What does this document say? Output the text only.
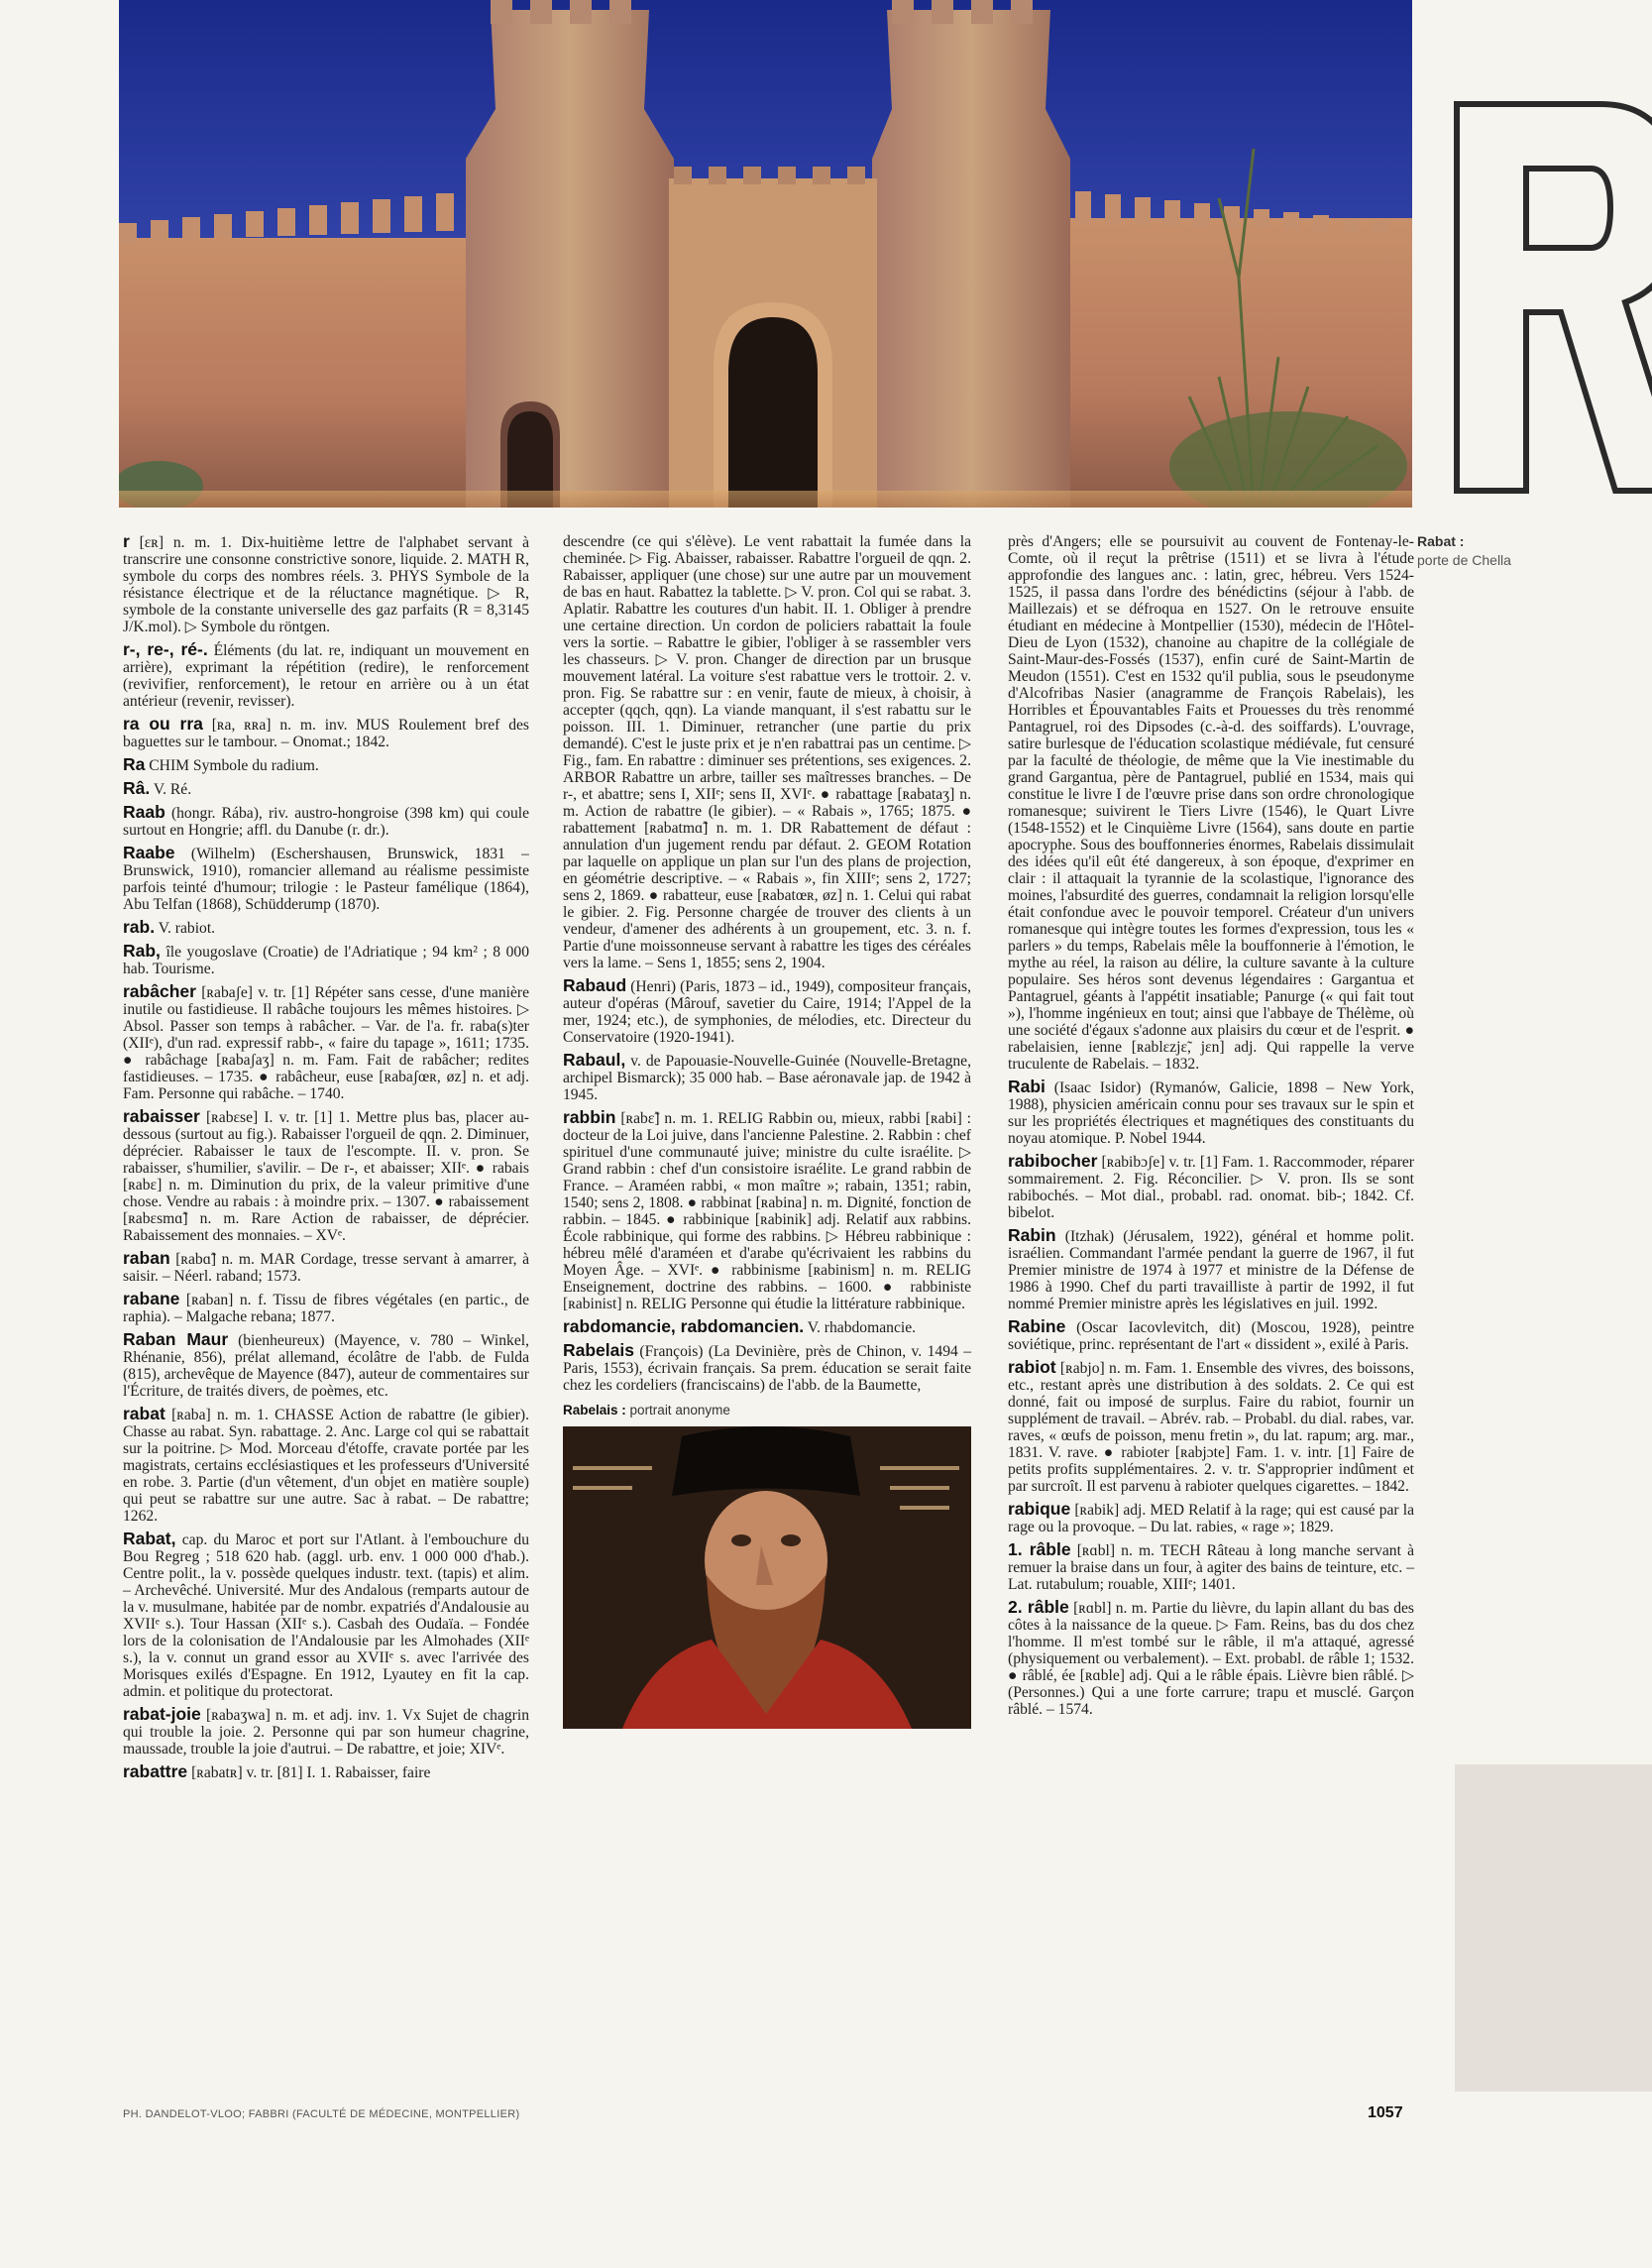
Rabat :
porte de Chella
r [ɛʀ] n. m. 1. Dix-huitième lettre de l'alphabet servant à transcrire une consonne constrictive sonore, liquide. 2. MATH R, symbole du corps des nombres réels. 3. PHYS Symbole de la résistance électrique et de la réluctance magnétique. ▷ R, symbole de la constante universelle des gaz parfaits (R = 8,3145 J/K.mol). ▷ Symbole du röntgen.
r-, re-, ré-. Éléments (du lat. re, indiquant un mouvement en arrière), exprimant la répétition (redire), le renforcement (revivifier, renforcement), le retour en arrière ou à un état antérieur (revenir, revisser).
ra ou rra [ʀa, ʀʀa] n. m. inv. MUS Roulement bref des baguettes sur le tambour. – Onomat.; 1842.
Ra CHIM Symbole du radium.
Râ. V. Ré.
Raab (hongr. Rába), riv. austro-hongroise (398 km) qui coule surtout en Hongrie; affl. du Danube (r. dr.).
Raabe (Wilhelm) (Eschershausen, Brunswick, 1831 – Brunswick, 1910), romancier allemand au réalisme pessimiste parfois teinté d'humour; trilogie : le Pasteur famélique (1864), Abu Telfan (1868), Schüdderump (1870).
rab. V. rabiot.
Rab, île yougoslave (Croatie) de l'Adriatique ; 94 km² ; 8 000 hab. Tourisme.
rabâcher [ʀabaʃe] v. tr. [1] Répéter sans cesse, d'une manière inutile ou fastidieuse. Il rabâche toujours les mêmes histoires. ▷ Absol. Passer son temps à rabâcher. – Var. de l'a. fr. raba(s)ter (XIIᵉ), d'un rad. expressif rabb-, « faire du tapage », 1611; 1735. ● rabâchage [ʀabaʃaʒ] n. m. Fam. Fait de rabâcher; redites fastidieuses. – 1735. ● rabâcheur, euse [ʀabaʃœʀ, øz] n. et adj. Fam. Personne qui rabâche. – 1740.
rabaisser [ʀabɛse] I. v. tr. [1] 1. Mettre plus bas, placer au-dessous (surtout au fig.). Rabaisser l'orgueil de qqn. 2. Diminuer, déprécier. Rabaisser le taux de l'escompte. II. v. pron. Se rabaisser, s'humilier, s'avilir. – De r-, et abaisser; XIIᵉ. ● rabais [ʀabɛ] n. m. Diminution du prix, de la valeur primitive d'une chose. Vendre au rabais : à moindre prix. – 1307. ● rabaissement [ʀabɛsmɑ̃] n. m. Rare Action de rabaisser, de déprécier. Rabaissement des monnaies. – XVᵉ.
raban [ʀabɑ̃] n. m. MAR Cordage, tresse servant à amarrer, à saisir. – Néerl. raband; 1573.
rabane [ʀaban] n. f. Tissu de fibres végétales (en partic., de raphia). – Malgache rebana; 1877.
Raban Maur (bienheureux) (Mayence, v. 780 – Winkel, Rhénanie, 856), prélat allemand, écolâtre de l'abb. de Fulda (815), archevêque de Mayence (847), auteur de commentaires sur l'Écriture, de traités divers, de poèmes, etc.
rabat [ʀaba] n. m. 1. CHASSE Action de rabattre (le gibier). Chasse au rabat. Syn. rabattage. 2. Anc. Large col qui se rabattait sur la poitrine. ▷ Mod. Morceau d'étoffe, cravate portée par les magistrats, certains ecclésiastiques et les professeurs d'Université en robe. 3. Partie (d'un vêtement, d'un objet en matière souple) qui peut se rabattre sur une autre. Sac à rabat. – De rabattre; 1262.
Rabat, cap. du Maroc et port sur l'Atlant. à l'embouchure du Bou Regreg ; 518 620 hab. (aggl. urb. env. 1 000 000 d'hab.). Centre polit., la v. possède quelques industr. text. (tapis) et alim. – Archevêché. Université. Mur des Andalous (remparts autour de la v. musulmane, habitée par de nombr. expatriés d'Andalousie au XVIIᵉ s.). Tour Hassan (XIIᵉ s.). Casbah des Oudaïa. – Fondée lors de la colonisation de l'Andalousie par les Almohades (XIIᵉ s.), la v. connut un grand essor au XVIIᵉ s. avec l'arrivée des Morisques exilés d'Espagne. En 1912, Lyautey en fit la cap. admin. et politique du protectorat.
rabat-joie [ʀabaʒwa] n. m. et adj. inv. 1. Vx Sujet de chagrin qui trouble la joie. 2. Personne qui par son humeur chagrine, maussade, trouble la joie d'autrui. – De rabattre, et joie; XIVᵉ.
rabattre [ʀabatʀ] v. tr. [81] I. 1. Rabaisser, faire
descendre (ce qui s'élève). Le vent rabattait la fumée dans la cheminée. ▷ Fig. Abaisser, rabaisser. Rabattre l'orgueil de qqn. 2. Rabaisser, appliquer (une chose) sur une autre par un mouvement de bas en haut. Rabattez la tablette. ▷ V. pron. Col qui se rabat. 3. Aplatir. Rabattre les coutures d'un habit. II. 1. Obliger à prendre une certaine direction. Un cordon de policiers rabattait la foule vers la sortie. – Rabattre le gibier, l'obliger à se rassembler vers les chasseurs. ▷ V. pron. Changer de direction par un brusque mouvement latéral. La voiture s'est rabattue vers le trottoir. 2. v. pron. Fig. Se rabattre sur : en venir, faute de mieux, à choisir, à accepter (qqch, qqn). La viande manquant, il s'est rabattu sur le poisson. III. 1. Diminuer, retrancher (une partie du prix demandé). C'est le juste prix et je n'en rabattrai pas un centime. ▷ Fig., fam. En rabattre : diminuer ses prétentions, ses exigences. 2. ARBOR Rabattre un arbre, tailler ses maîtresses branches. – De r-, et abattre; sens I, XIIᵉ; sens II, XVIᵉ. ● rabattage [ʀabataʒ] n. m. Action de rabattre (le gibier). – « Rabais », 1765; 1875. ● rabattement [ʀabatmɑ̃] n. m. 1. DR Rabattement de défaut : annulation d'un jugement rendu par défaut. 2. GEOM Rotation par laquelle on applique un plan sur l'un des plans de projection, en géométrie descriptive. – « Rabais », fin XIIIᵉ; sens 2, 1727; sens 2, 1869. ● rabatteur, euse [ʀabatœʀ, øz] n. 1. Celui qui rabat le gibier. 2. Fig. Personne chargée de trouver des clients à un vendeur, d'amener des adhérents à un groupement, etc. 3. n. f. Partie d'une moissonneuse servant à rabattre les tiges des céréales vers la lame. – Sens 1, 1855; sens 2, 1904.
Rabaud (Henri) (Paris, 1873 – id., 1949), compositeur français, auteur d'opéras (Mârouf, savetier du Caire, 1914; l'Appel de la mer, 1924; etc.), de symphonies, de mélodies, etc. Directeur du Conservatoire (1920-1941).
Rabaul, v. de Papouasie-Nouvelle-Guinée (Nouvelle-Bretagne, archipel Bismarck); 35 000 hab. – Base aéronavale jap. de 1942 à 1945.
rabbin [ʀabɛ̃] n. m. 1. RELIG Rabbin ou, mieux, rabbi [ʀabi] : docteur de la Loi juive, dans l'ancienne Palestine. 2. Rabbin : chef spirituel d'une communauté juive; ministre du culte israélite. ▷ Grand rabbin : chef d'un consistoire israélite. Le grand rabbin de France. – Araméen rabbi, « mon maître »; rabain, 1351; rabin, 1540; sens 2, 1808. ● rabbinat [ʀabina] n. m. Dignité, fonction de rabbin. – 1845. ● rabbinique [ʀabinik] adj. Relatif aux rabbins. École rabbinique, qui forme des rabbins. ▷ Hébreu rabbinique : hébreu mêlé d'araméen et d'arabe qu'écrivaient les rabbins du Moyen Âge. – XVIᵉ. ● rabbinisme [ʀabinism] n. m. RELIG Enseignement, doctrine des rabbins. – 1600. ● rabbiniste [ʀabinist] n. RELIG Personne qui étudie la littérature rabbinique.
rabdomancie, rabdomancien. V. rhabdomancie.
Rabelais (François) (La Devinière, près de Chinon, v. 1494 – Paris, 1553), écrivain français. Sa prem. éducation se serait faite chez les cordeliers (franciscains) de l'abb. de la Baumette,
Rabelais : portrait anonyme
près d'Angers; elle se poursuivit au couvent de Fontenay-le-Comte, où il reçut la prêtrise (1511) et se livra à l'étude approfondie des langues anc. : latin, grec, hébreu. Vers 1524-1525, il passa dans l'ordre des bénédictins (séjour à l'abb. de Maillezais) et se défroqua en 1527. On le retrouve ensuite étudiant en médecine à Montpellier (1530), médecin de l'Hôtel-Dieu de Lyon (1532), chanoine au chapitre de la collégiale de Saint-Maur-des-Fossés (1537), enfin curé de Saint-Martin de Meudon (1551). C'est en 1532 qu'il publia, sous le pseudonyme d'Alcofribas Nasier (anagramme de François Rabelais), les Horribles et Épouvantables Faits et Prouesses du très renommé Pantagruel, roi des Dipsodes (c.-à-d. des soiffards). L'ouvrage, satire burlesque de l'éducation scolastique médiévale, fut censuré par la faculté de théologie, de même que la Vie inestimable du grand Gargantua, père de Pantagruel, publié en 1534, mais qui constitue le livre I de l'œuvre prise dans son ordre chronologique romanesque; suivirent le Tiers Livre (1546), le Quart Livre (1548-1552) et le Cinquième Livre (1564), sans doute en partie apocryphe. Sous des bouffonneries énormes, Rabelais dissimulait des idées qu'il eût été dangereux, à son époque, d'exprimer en clair : il attaquait la tyrannie de la scolastique, l'ignorance des moines, l'absurdité des guerres, condamnait la religion lorsqu'elle était confondue avec le pouvoir temporel. Créateur d'un univers romanesque qui intègre toutes les formes d'expression, tous les « parlers » du temps, Rabelais mêle la bouffonnerie à l'émotion, le mythe au réel, la raison au délire, la culture savante à la culture populaire. Ses héros sont devenus légendaires : Gargantua et Pantagruel, géants à l'appétit insatiable; Panurge (« qui fait tout »), l'homme ingénieux en tout; ainsi que l'abbaye de Thélème, où une société d'égaux s'adonne aux plaisirs du cœur et de l'esprit. ● rabelaisien, ienne [ʀablɛzjɛ̃, jɛn] adj. Qui rappelle la verve truculente de Rabelais. – 1832.
Rabi (Isaac Isidor) (Rymanów, Galicie, 1898 – New York, 1988), physicien américain connu pour ses travaux sur le spin et sur les propriétés électriques et magnétiques des constituants du noyau atomique. P. Nobel 1944.
rabibocher [ʀabibɔʃe] v. tr. [1] Fam. 1. Raccommoder, réparer sommairement. 2. Fig. Réconcilier. ▷ V. pron. Ils se sont rabibochés. – Mot dial., probabl. rad. onomat. bib-; 1842. Cf. bibelot.
Rabin (Itzhak) (Jérusalem, 1922), général et homme polit. israélien. Commandant l'armée pendant la guerre de 1967, il fut Premier ministre de 1974 à 1977 et ministre de la Défense de 1986 à 1990. Chef du parti travailliste à partir de 1992, il fut nommé Premier ministre après les législatives en juil. 1992.
Rabine (Oscar Iacovlevitch, dit) (Moscou, 1928), peintre soviétique, princ. représentant de l'art « dissident », exilé à Paris.
rabiot [ʀabjo] n. m. Fam. 1. Ensemble des vivres, des boissons, etc., restant après une distribution à des soldats. 2. Ce qui est donné, fait ou imposé de surplus. Faire du rabiot, fournir un supplément de travail. – Abrév. rab. – Probabl. du dial. rabes, var. raves, « œufs de poisson, menu fretin », du lat. rapum; arg. mar., 1831. V. rave. ● rabioter [ʀabjɔte] Fam. 1. v. intr. [1] Faire de petits profits supplémentaires. 2. v. tr. S'approprier indûment et par surcroît. Il est parvenu à rabioter quelques cigarettes. – 1842.
rabique [ʀabik] adj. MED Relatif à la rage; qui est causé par la rage ou la provoque. – Du lat. rabies, « rage »; 1829.
1. râble [ʀɑbl] n. m. TECH Râteau à long manche servant à remuer la braise dans un four, à agiter des bains de teinture, etc. – Lat. rutabulum; rouable, XIIIᵉ; 1401.
2. râble [ʀɑbl] n. m. Partie du lièvre, du lapin allant du bas des côtes à la naissance de la queue. ▷ Fam. Reins, bas du dos chez l'homme. Il m'est tombé sur le râble, il m'a attaqué, agressé (physiquement ou verbalement). – Ext. probabl. de râble 1; 1532. ● râblé, ée [ʀɑble] adj. Qui a le râble épais. Lièvre bien râblé. ▷ (Personnes.) Qui a une forte carrure; trapu et musclé. Garçon râblé. – 1574.
PH. DANDELOT-VLOO; FABBRI (FACULTÉ DE MÉDECINE, MONTPELLIER)	1057
